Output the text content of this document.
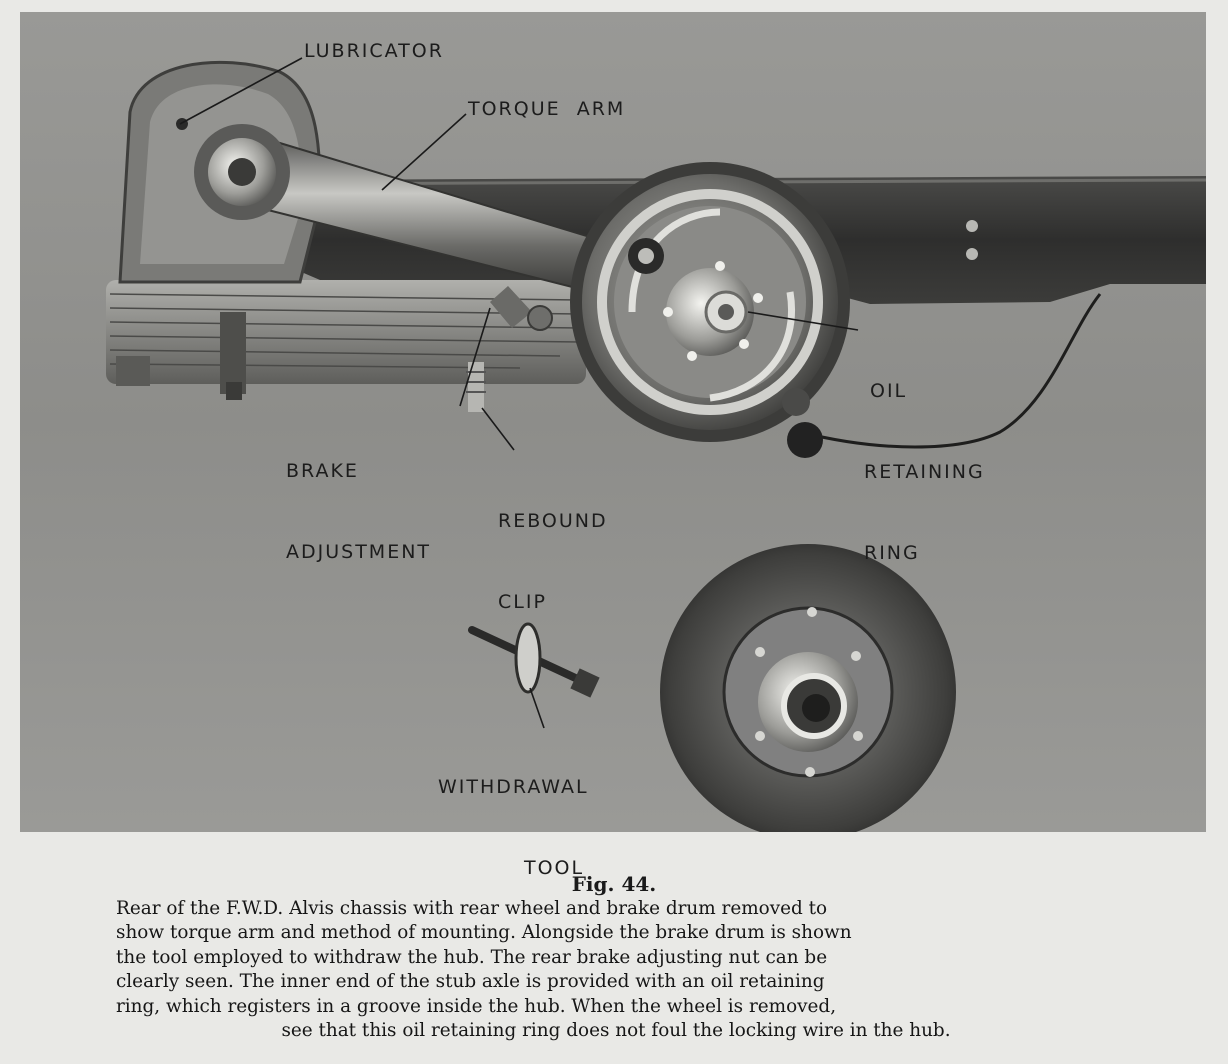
LUBRICATOR
TORQUE  ARM

OIL

RETAINING

RING

BRAKE

ADJUSTMENT

REBOUND

CLIP

WITHDRAWAL

TOOL

Fig. 44.
Rear of the F.W.D. Alvis chassis with rear wheel and brake drum removed to
show torque arm and method of mounting. Alongside the brake drum is shown
the tool employed to withdraw the hub. The rear brake adjusting nut can be
clearly seen. The inner end of the stub axle is provided with an oil retaining
ring, which registers in a groove inside the hub. When the wheel is removed,
see that this oil retaining ring does not foul the locking wire in the hub.
